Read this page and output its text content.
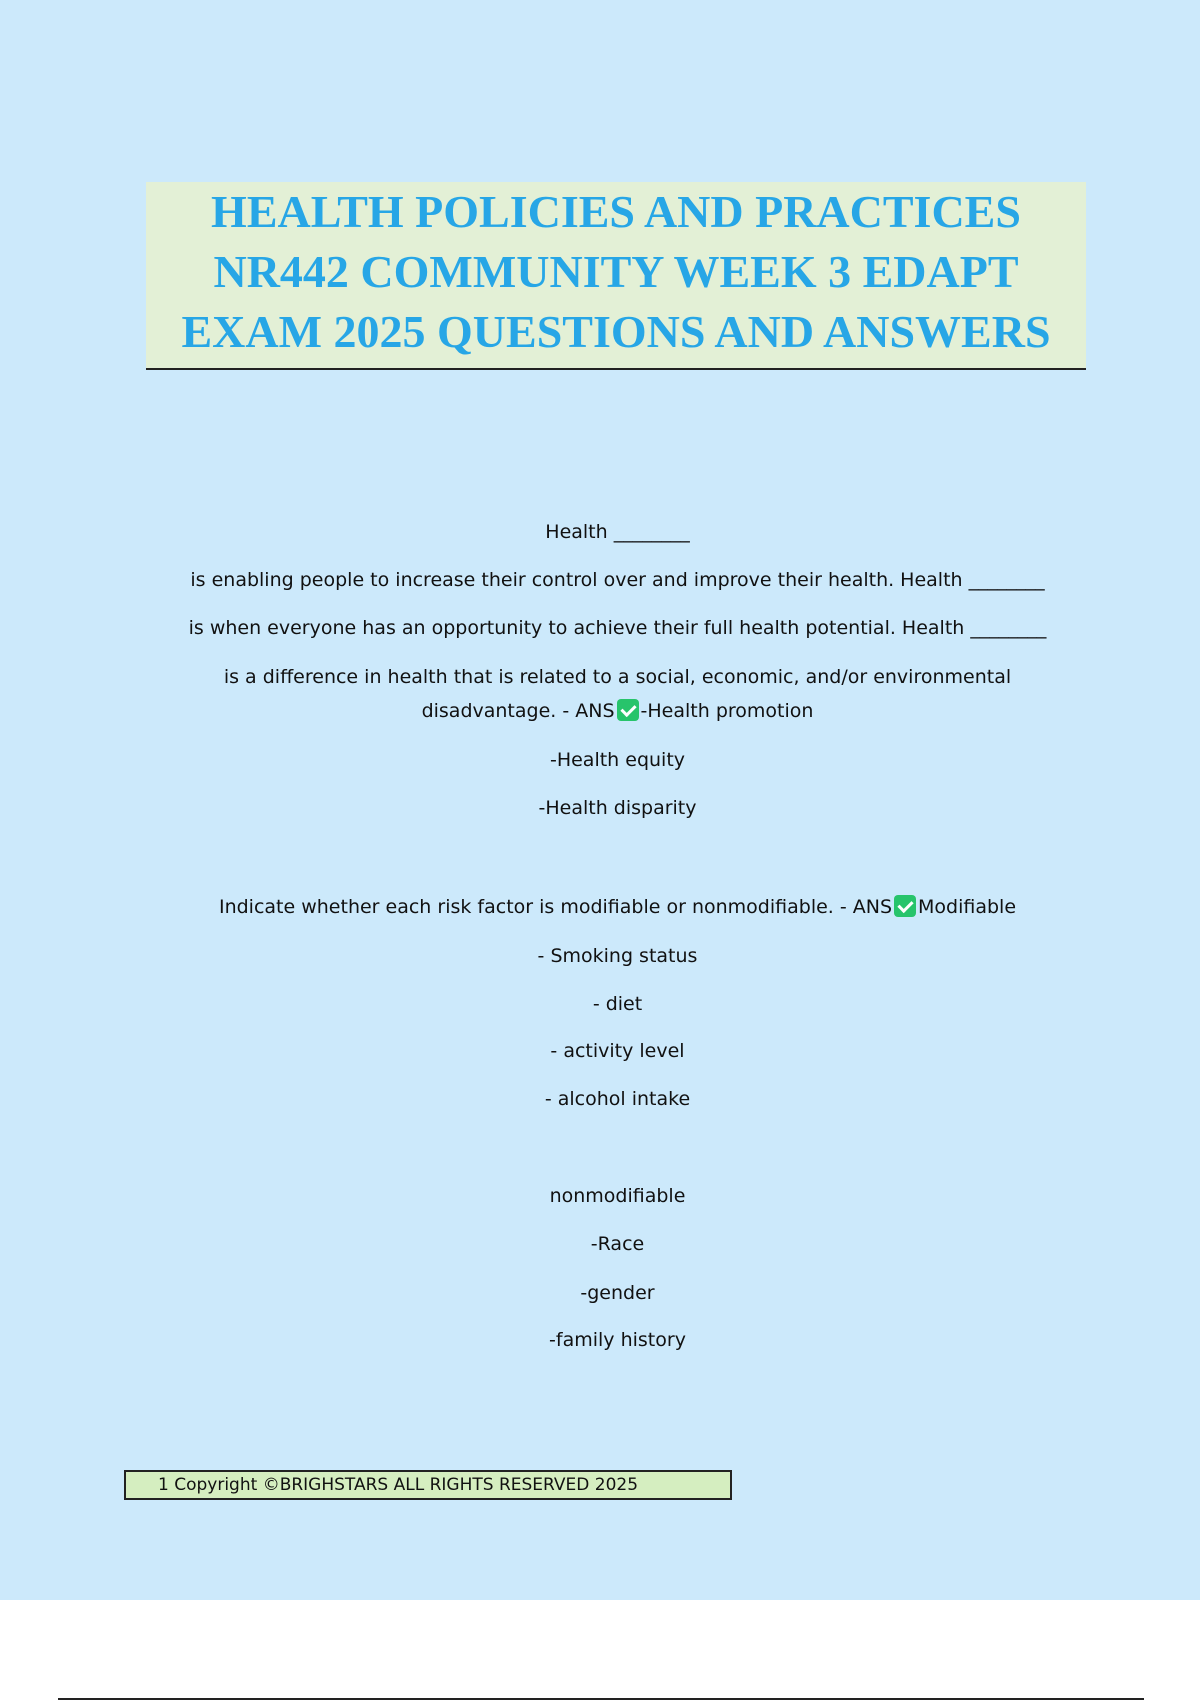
HEALTH POLICIES AND PRACTICES
NR442 COMMUNITY WEEK 3 EDAPT
EXAM 2025 QUESTIONS AND ANSWERS
Health ________
is enabling people to increase their control over and improve their health. Health ________
is when everyone has an opportunity to achieve their full health potential. Health ________
is a difference in health that is related to a social, economic, and/or environmental
disadvantage. - ANS -Health promotion
-Health equity
-Health disparity
Indicate whether each risk factor is modifiable or nonmodifiable. - ANS Modifiable
- Smoking status
- diet
- activity level
- alcohol intake
nonmodifiable
-Race
-gender
-family history
1 Copyright ©BRIGHSTARS ALL RIGHTS RESERVED 2025
